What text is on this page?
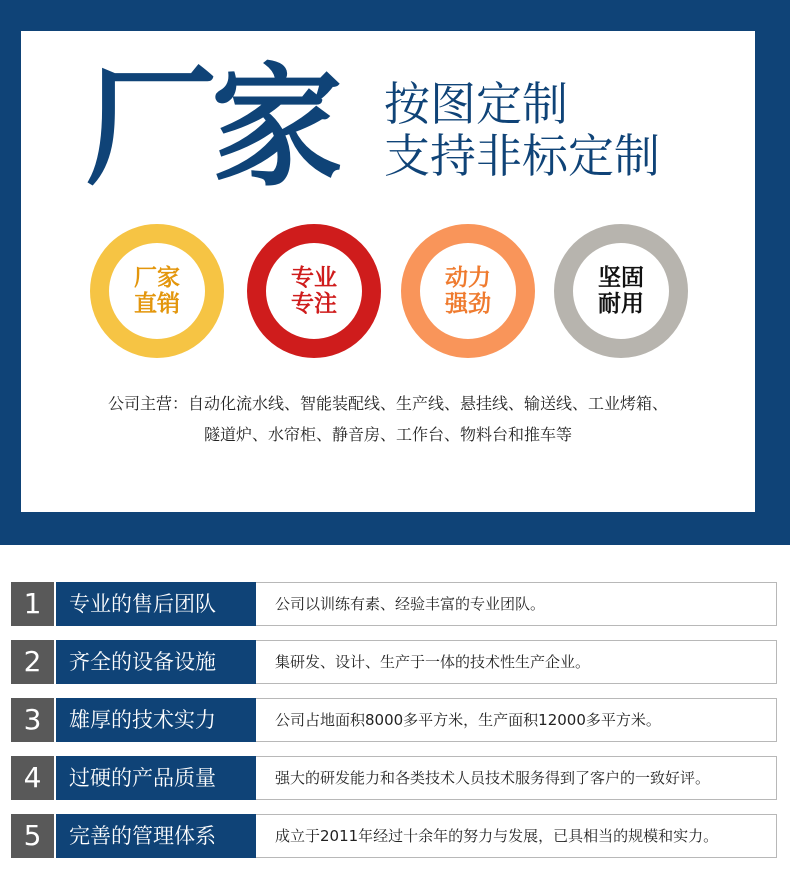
厂家 按图定制
支持非标定制
厂家
直销
专业
专注
动力
强劲
坚固
耐用
公司主营：自动化流水线、智能装配线、生产线、悬挂线、输送线、工业烤箱、
隧道炉、水帘柜、静音房、工作台、物料台和推车等
1	专业的售后团队	公司以训练有素、经验丰富的专业团队。
2	齐全的设备设施	集研发、设计、生产于一体的技术性生产企业。
3	雄厚的技术实力	公司占地面积8000多平方米，生产面积12000多平方米。
4	过硬的产品质量	强大的研发能力和各类技术人员技术服务得到了客户的一致好评。
5	完善的管理体系	成立于2011年经过十余年的努力与发展，已具相当的规模和实力。
